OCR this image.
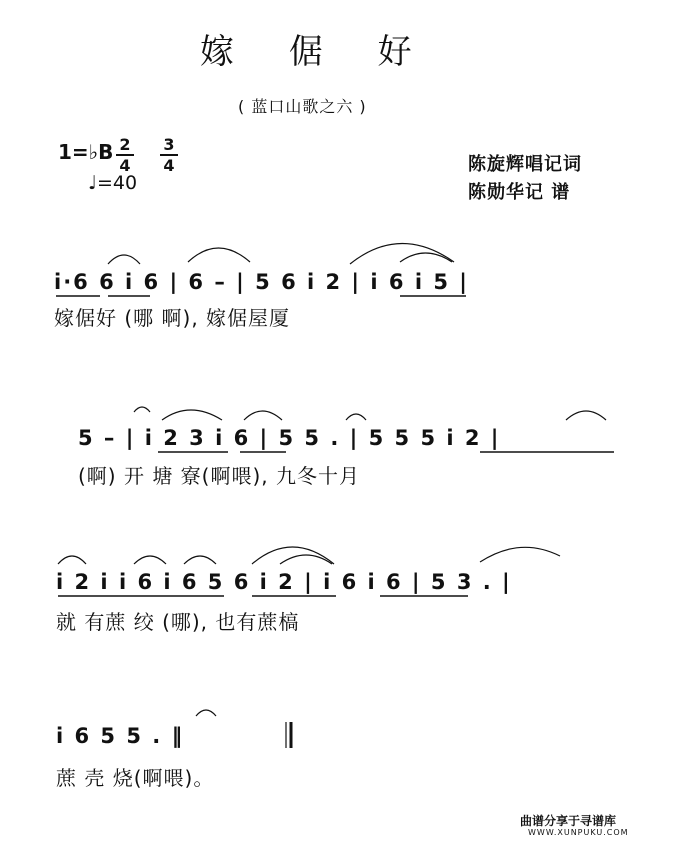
嫁 倨 好
( 蓝口山歌之六 )
1=♭B 2
4
3
4
♩=40
陈旋辉唱记词
陈勋华记 谱
i·6 6 i 6 | 6 – | 5 6 i 2 | i 6 i 5 |
嫁倨好 (哪 啊), 嫁倨屋厦
5 – | i 2 3 i 6 | 5 5 . | 5 5 5 i 2 |
(啊) 开 塘 寮(啊喂), 九冬十月
i 2 i i 6 i 6 5 6 i 2 | i 6 i 6 | 5 3 . |
就 有蔗 绞 (哪), 也有蔗槁
i 6 5 5 . ‖
蔗 壳 烧(啊喂)。
曲谱分享于寻谱库
WWW.XUNPUKU.COM
